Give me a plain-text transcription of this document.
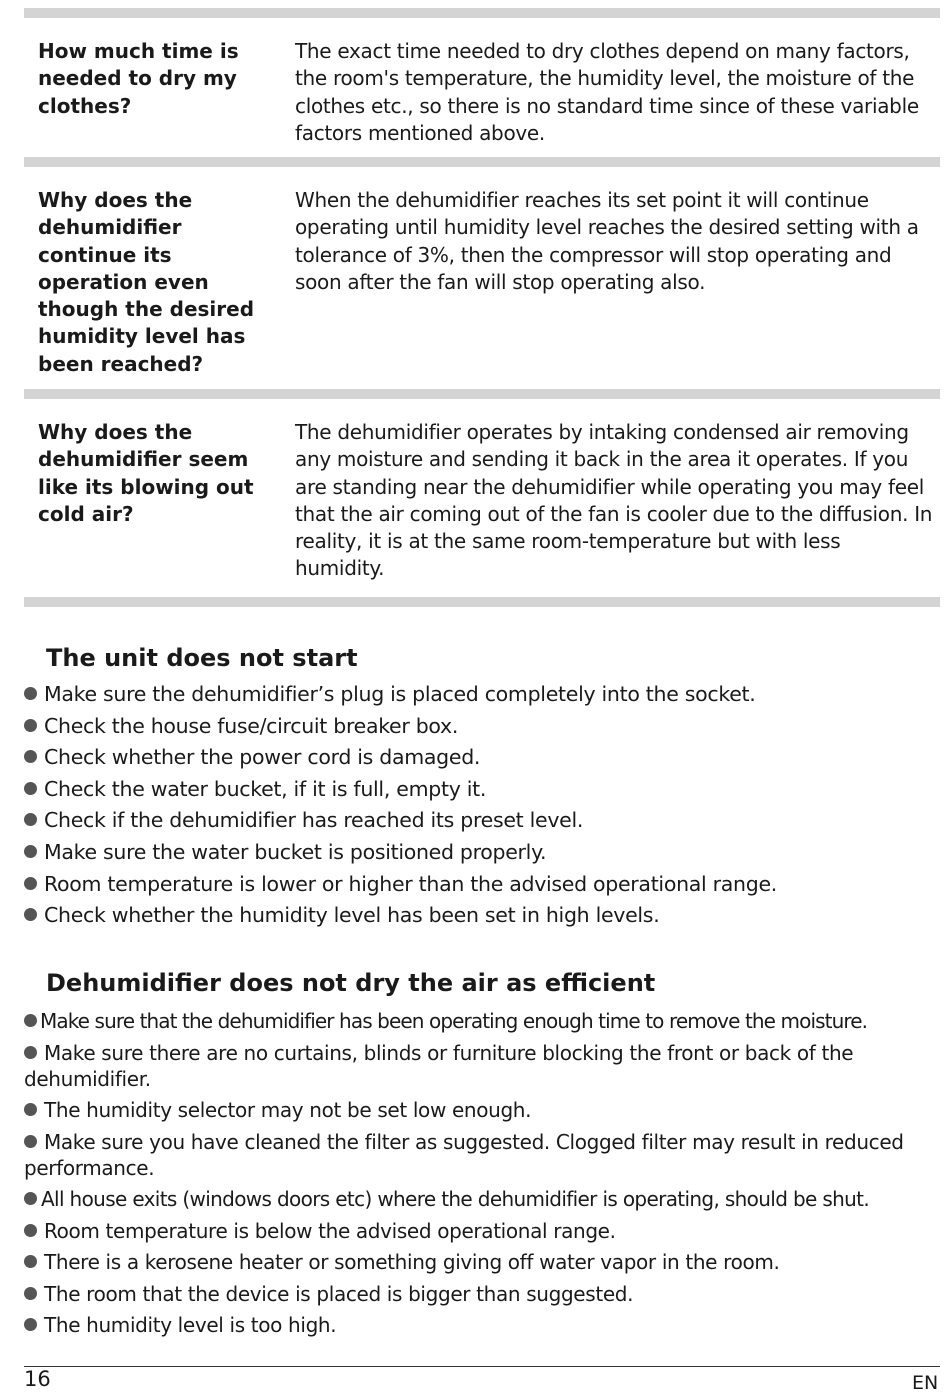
How much time is needed to dry my clothes?
The exact time needed to dry clothes depend on many factors, the room's temperature, the humidity level, the moisture of the clothes etc., so there is no standard time since of these variable factors mentioned above.
Why does the dehumidifier continue its operation even though the desired humidity level has been reached?
When the dehumidifier reaches its set point it will continue operating until humidity level reaches the desired setting with a tolerance of 3%, then the compressor will stop operating and soon after the fan will stop operating also.
Why does the dehumidifier seem like its blowing out cold air?
The dehumidifier operates by intaking condensed air removing any moisture and sending it back in the area it operates. If you are standing near the dehumidifier while operating you may feel that the air coming out of the fan is cooler due to the diffusion. In reality, it is at the same room-temperature but with less humidity.
The unit does not start
Make sure the dehumidifier’s plug is placed completely into the socket.
Check the house fuse/circuit breaker box.
Check whether the power cord is damaged.
Check the water bucket, if it is full, empty it.
Check if the dehumidifier has reached its preset level.
Make sure the water bucket is positioned properly.
Room temperature is lower or higher than the advised operational range.
Check whether the humidity level has been set in high levels.
Dehumidifier does not dry the air as efficient
Make sure that the dehumidifier has been operating enough time to remove the moisture.
Make sure there are no curtains, blinds or furniture blocking the front or back of the dehumidifier.
The humidity selector may not be set low enough.
Make sure you have cleaned the filter as suggested. Clogged filter may result in reduced performance.
All house exits (windows doors etc) where the dehumidifier is operating, should be shut.
Room temperature is below the advised operational range.
There is a kerosene heater or something giving off water vapor in the room.
The room that the device is placed is bigger than suggested.
The humidity level is too high.
16	EN
